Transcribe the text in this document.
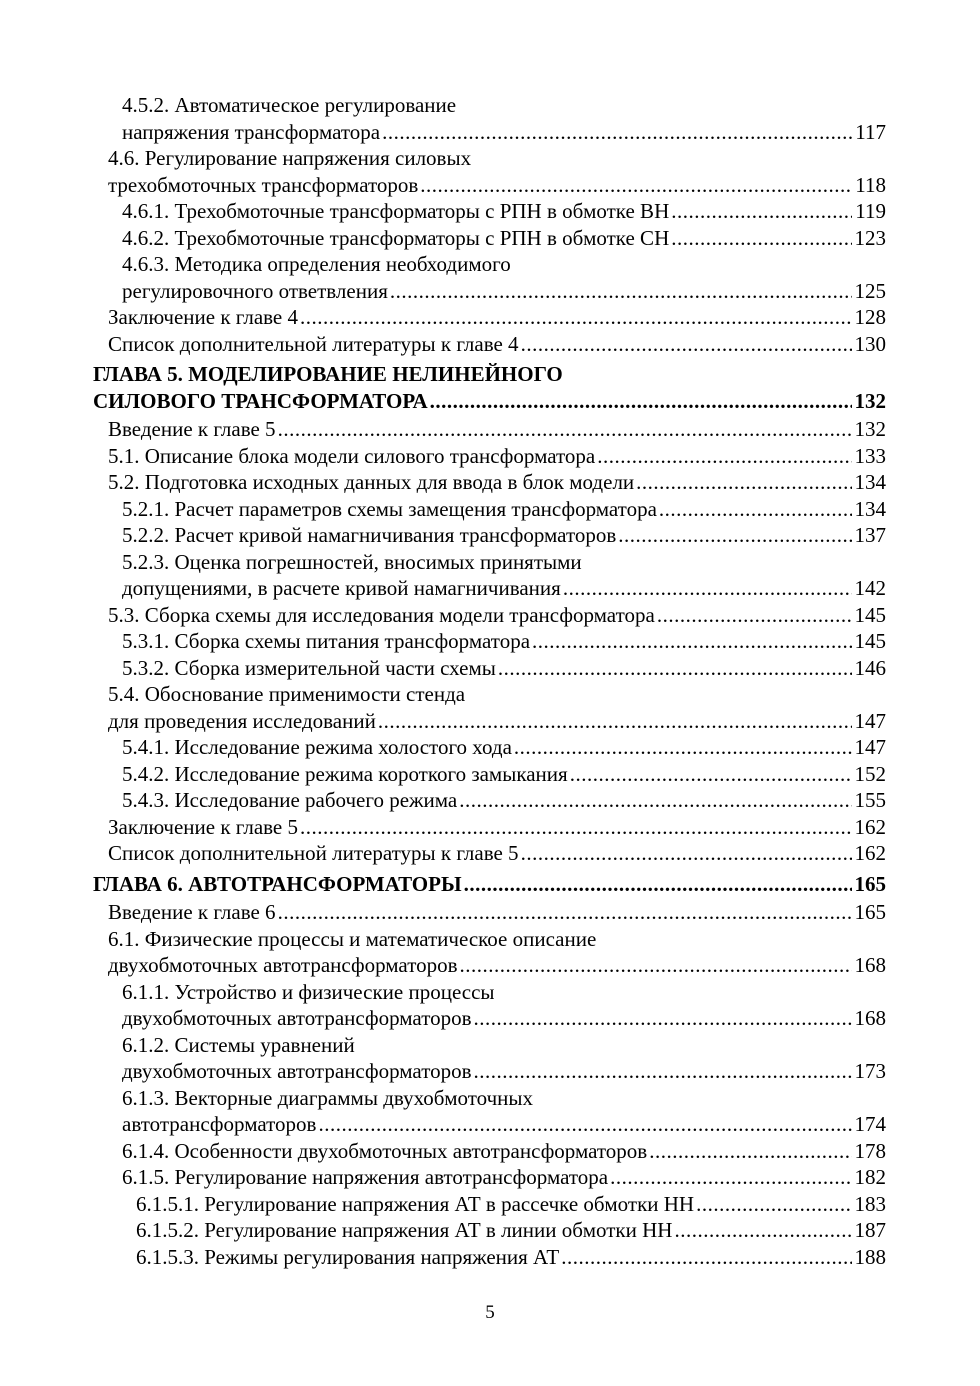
4.5.2. Автоматическое регулирование
напряжения трансформатора .....	117
4.6. Регулирование напряжения силовых
трехобмоточных трансформаторов .....	118
4.6.1. Трехобмоточные трансформаторы с РПН в обмотке ВН .....	119
4.6.2. Трехобмоточные трансформаторы с РПН в обмотке СН .....	123
4.6.3. Методика определения необходимого
регулировочного ответвления .....	125
Заключение к главе 4 .....	128
Список дополнительной литературы к главе 4 .....	130
ГЛАВА 5. МОДЕЛИРОВАНИЕ НЕЛИНЕЙНОГО
СИЛОВОГО ТРАНСФОРМАТОРА .....	132
Введение к главе 5 .....	132
5.1. Описание блока модели силового трансформатора .....	133
5.2. Подготовка исходных данных для ввода в блок модели .....	134
5.2.1. Расчет параметров схемы замещения трансформатора .....	134
5.2.2. Расчет кривой намагничивания трансформаторов .....	137
5.2.3. Оценка погрешностей, вносимых принятыми
допущениями, в расчете кривой намагничивания .....	142
5.3. Сборка схемы для исследования модели трансформатора .....	145
5.3.1. Сборка схемы питания трансформатора .....	145
5.3.2. Сборка измерительной части схемы .....	146
5.4. Обоснование применимости стенда
для проведения исследований .....	147
5.4.1. Исследование режима холостого хода .....	147
5.4.2. Исследование режима короткого замыкания .....	152
5.4.3. Исследование рабочего режима .....	155
Заключение к главе 5 .....	162
Список дополнительной литературы к главе 5 .....	162
ГЛАВА 6. АВТОТРАНСФОРМАТОРЫ .....	165
Введение к главе 6 .....	165
6.1. Физические процессы и математическое описание
двухобмоточных автотрансформаторов .....	168
6.1.1. Устройство и физические процессы
двухобмоточных автотрансформаторов .....	168
6.1.2. Системы уравнений
двухобмоточных автотрансформаторов .....	173
6.1.3. Векторные диаграммы двухобмоточных
автотрансформаторов .....	174
6.1.4. Особенности двухобмоточных автотрансформаторов .....	178
6.1.5. Регулирование напряжения автотрансформатора .....	182
6.1.5.1. Регулирование напряжения АТ в рассечке обмотки НН .....	183
6.1.5.2. Регулирование напряжения АТ в линии обмотки НН .....	187
6.1.5.3. Режимы регулирования напряжения АТ .....	188
5
